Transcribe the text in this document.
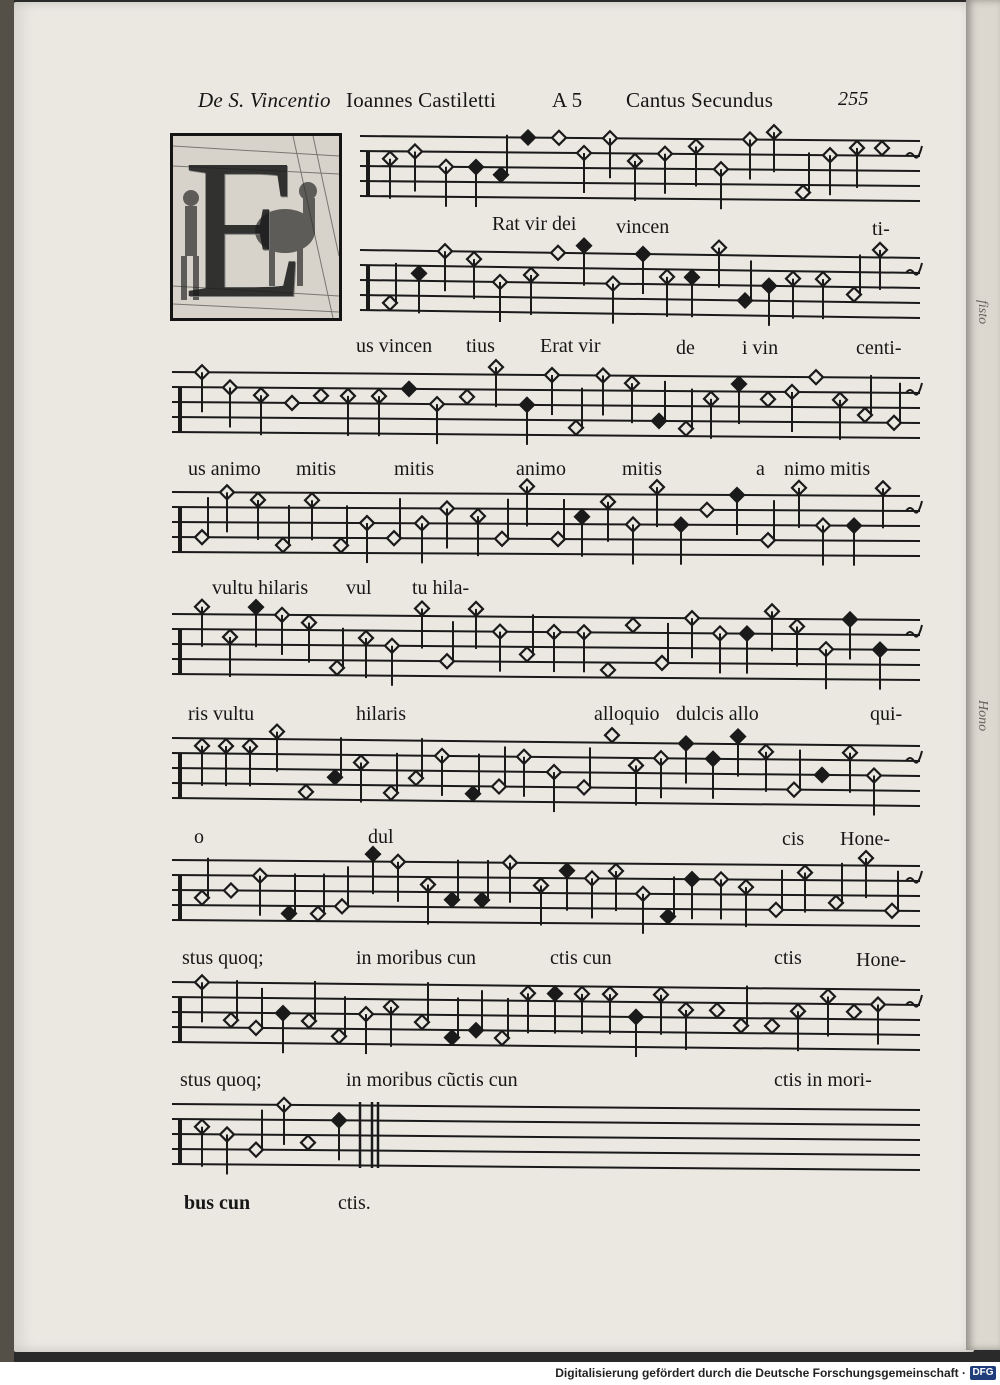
fisto
Hono
De S. Vincentio Ioannes Castiletti	A 5 Cantus Secundus	255
E	Rat vir dei vincen	ti-
us vincen tius Erat vir	de i vin	centi-
us animo mitis	mitis	animo	mitis	a nimo mitis
vultu hilaris vul tu hila-
ris vultu	hilaris	alloquio dulcis allo	qui-
o	dul	cis Hone-
stus quoq;	in moribus cun	ctis cun	ctis	Hone-
stus quoq;	in moribus cũctis cun	ctis in mori-
bus cun	ctis.
Digitalisierung gefördert durch die Deutsche Forschungsgemeinschaft · DFG
